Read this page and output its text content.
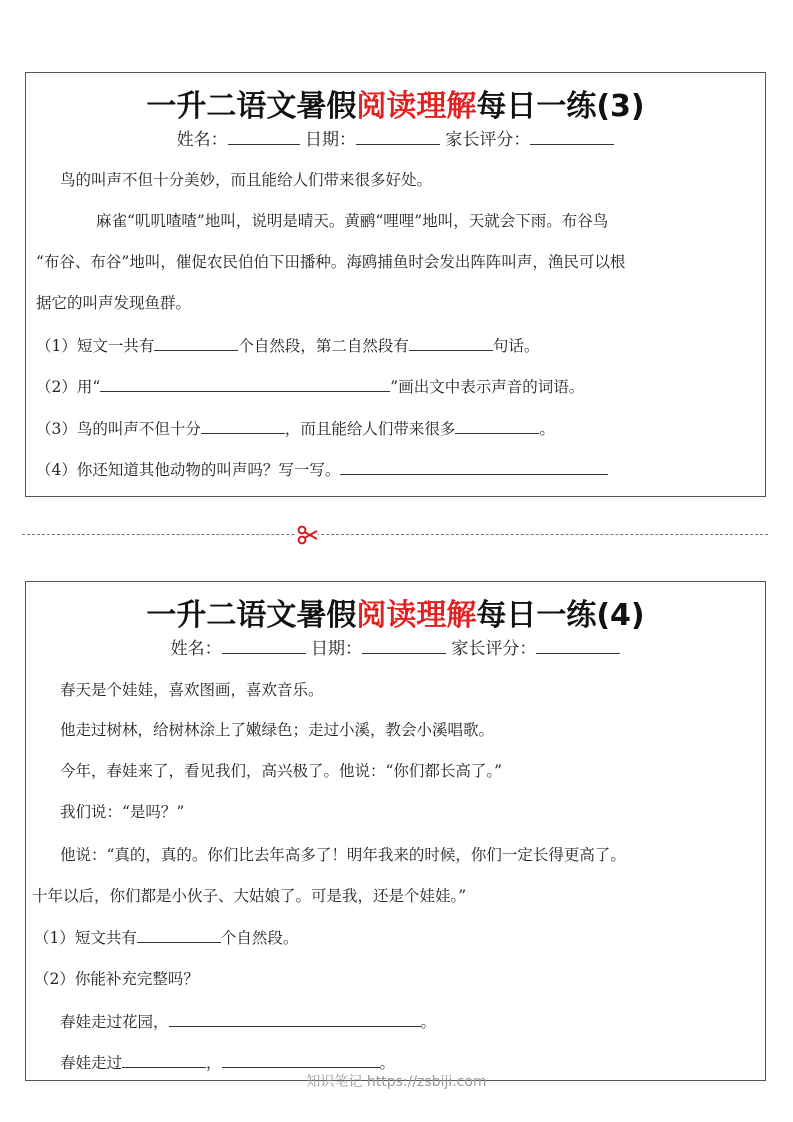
一升二语文暑假阅读理解每日一练(3)
姓名：	日期：	家长评分：
鸟的叫声不但十分美妙，而且能给人们带来很多好处。
麻雀“叽叽喳喳”地叫，说明是晴天。黄鹂“哩哩”地叫，天就会下雨。布谷鸟
“布谷、布谷”地叫，催促农民伯伯下田播种。海鸥捕鱼时会发出阵阵叫声，渔民可以根
据它的叫声发现鱼群。
（1）短文一共有	个自然段，第二自然段有	句话。
（2）用“	”画出文中表示声音的词语。
（3）鸟的叫声不但十分	，而且能给人们带来很多	。
（4）你还知道其他动物的叫声吗？写一写。
一升二语文暑假阅读理解每日一练(4)
姓名：	日期：	家长评分：
春天是个娃娃，喜欢图画，喜欢音乐。
他走过树林，给树林涂上了嫩绿色；走过小溪，教会小溪唱歌。
今年，春娃来了，看见我们，高兴极了。他说：“你们都长高了。”
我们说：“是吗？”
他说：“真的，真的。你们比去年高多了！明年我来的时候，你们一定长得更高了。
十年以后，你们都是小伙子、大姑娘了。可是我，还是个娃娃。”
（1）短文共有	个自然段。
（2）你能补充完整吗？
春娃走过花园，	。
春娃走过	，	。
知识笔记 https://zsbiji.com
